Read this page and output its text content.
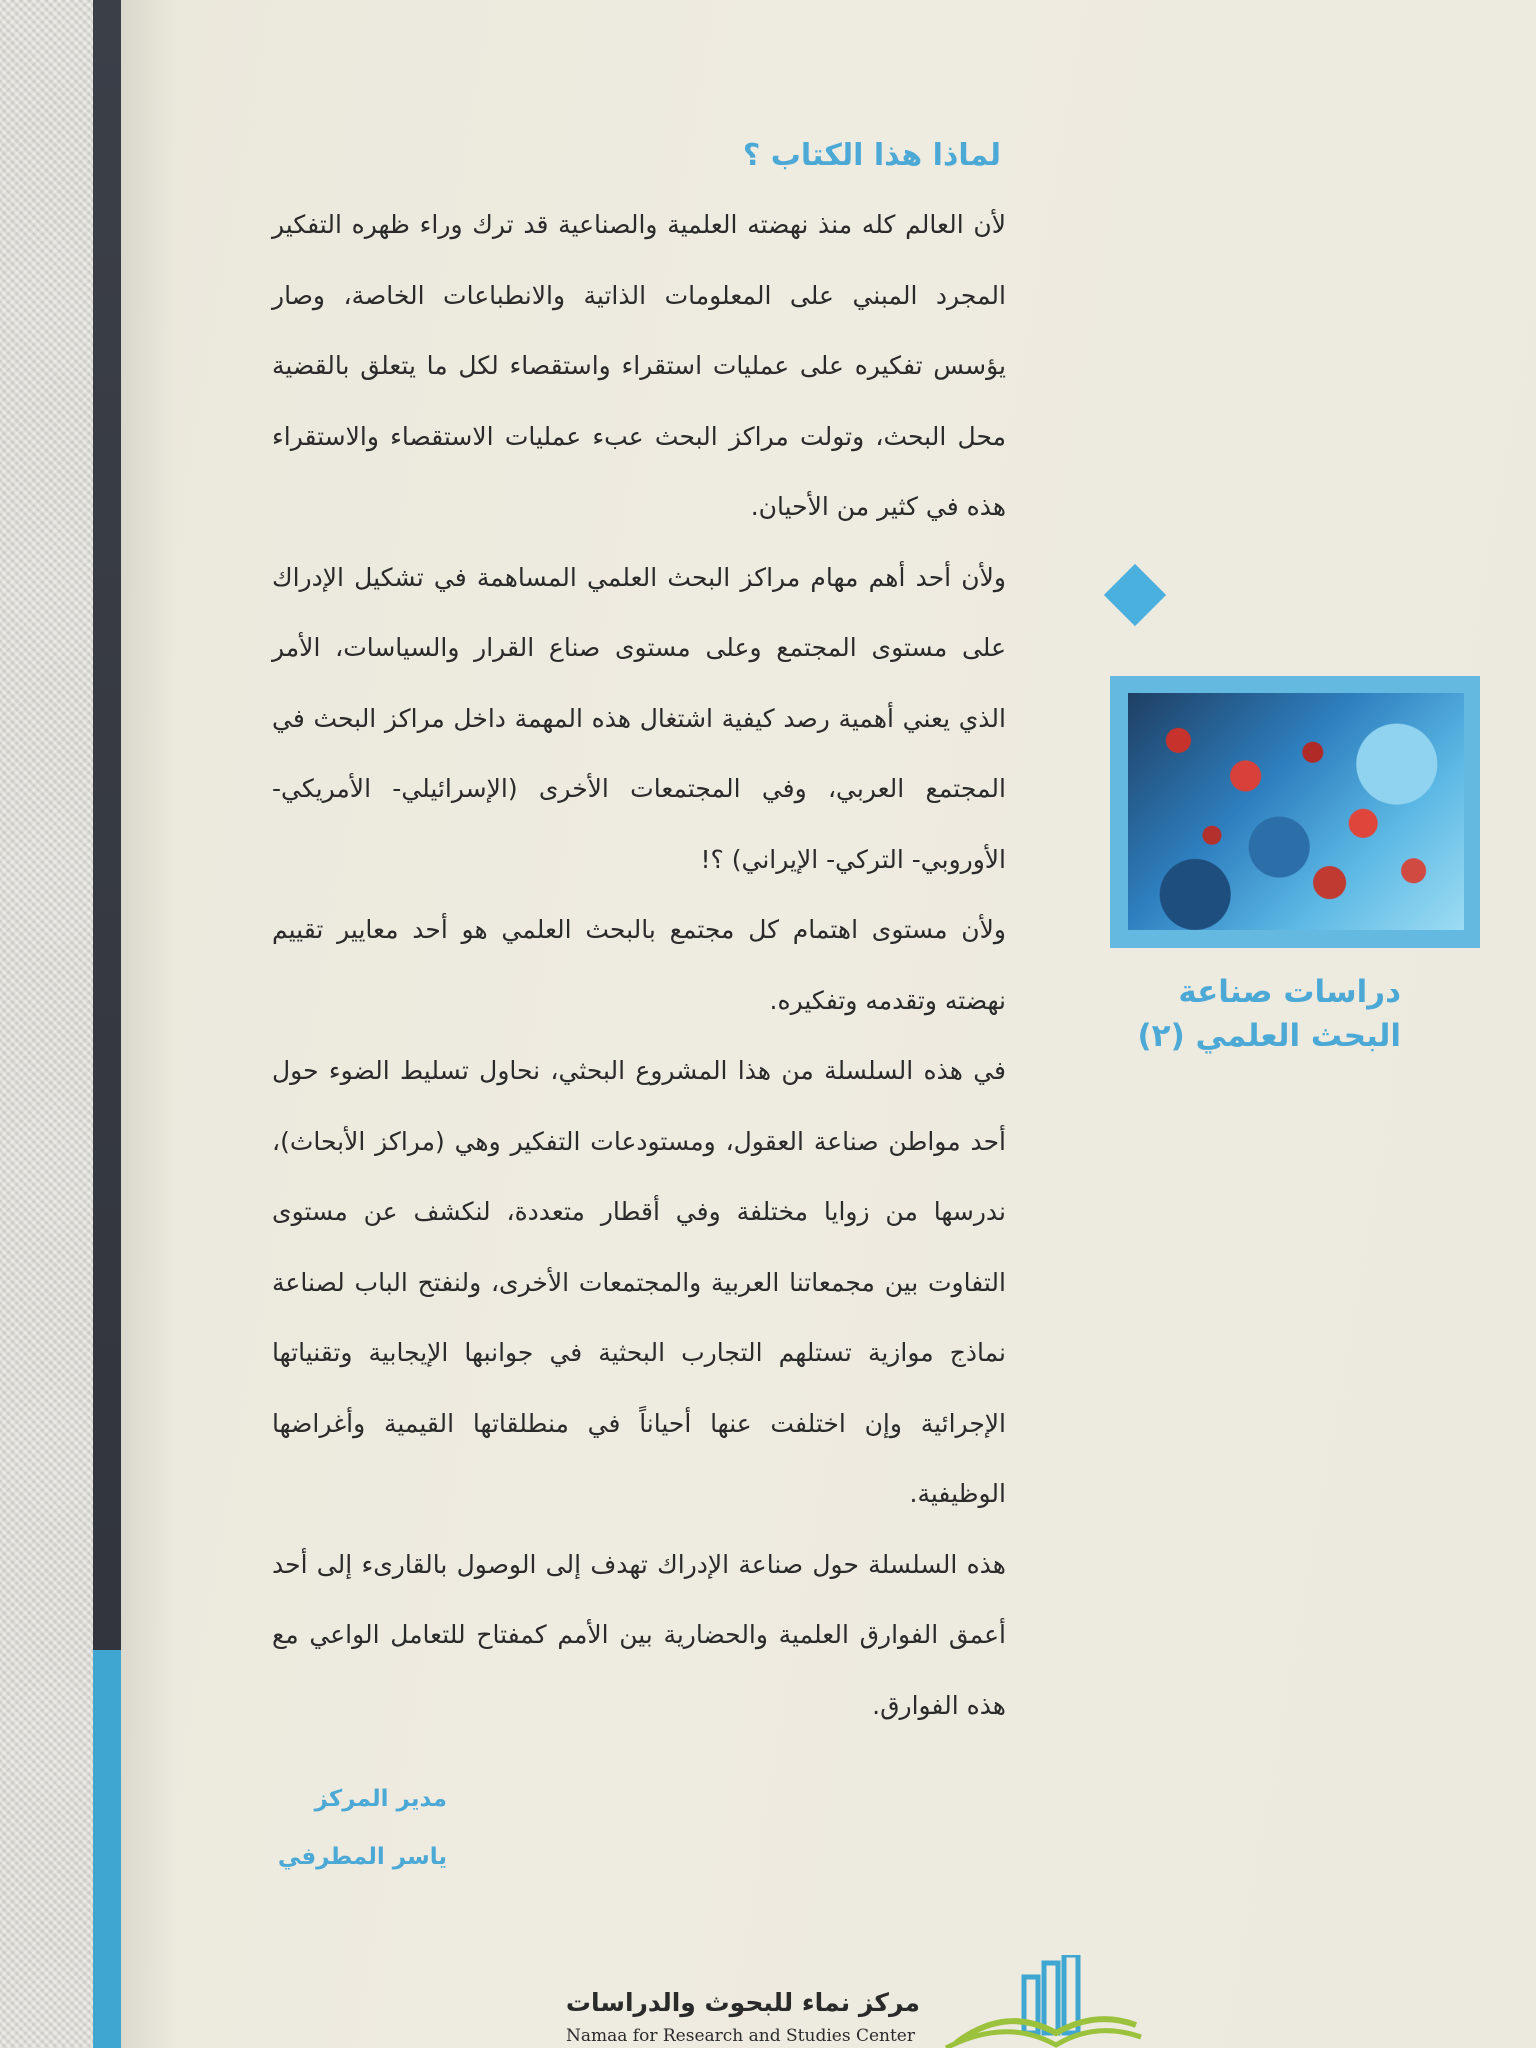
لماذا هذا الكتاب ؟

لأن العالم كله منذ نهضته العلمية والصناعية قد ترك وراء ظهره التفكير المجرد المبني على المعلومات الذاتية والانطباعات الخاصة، وصار يؤسس تفكيره على عمليات استقراء واستقصاء لكل ما يتعلق بالقضية محل البحث، وتولت مراكز البحث عبء عمليات الاستقصاء والاستقراء هذه في كثير من الأحيان.

ولأن أحد أهم مهام مراكز البحث العلمي المساهمة في تشكيل الإدراك على مستوى المجتمع وعلى مستوى صناع القرار والسياسات، الأمر الذي يعني أهمية رصد كيفية اشتغال هذه المهمة داخل مراكز البحث في المجتمع العربي، وفي المجتمعات الأخرى (الإسرائيلي- الأمريكي- الأوروبي- التركي- الإيراني) ؟!

ولأن مستوى اهتمام كل مجتمع بالبحث العلمي هو أحد معايير تقييم نهضته وتقدمه وتفكيره.

في هذه السلسلة من هذا المشروع البحثي، نحاول تسليط الضوء حول أحد مواطن صناعة العقول، ومستودعات التفكير وهي (مراكز الأبحاث)، ندرسها من زوايا مختلفة وفي أقطار متعددة، لنكشف عن مستوى التفاوت بين مجمعاتنا العربية والمجتمعات الأخرى، ولنفتح الباب لصناعة نماذج موازية تستلهم التجارب البحثية في جوانبها الإيجابية وتقنياتها الإجرائية وإن اختلفت عنها أحياناً في منطلقاتها القيمية وأغراضها الوظيفية.

هذه السلسلة حول صناعة الإدراك تهدف إلى الوصول بالقارىء إلى أحد أعمق الفوارق العلمية والحضارية بين الأمم كمفتاح للتعامل الواعي مع هذه الفوارق.

مدير المركز
ياسر المطرفي
دراسات صناعة
البحث العلمي (٢)
مركز نماء للبحوث والدراسات
Namaa for Research and Studies Center
